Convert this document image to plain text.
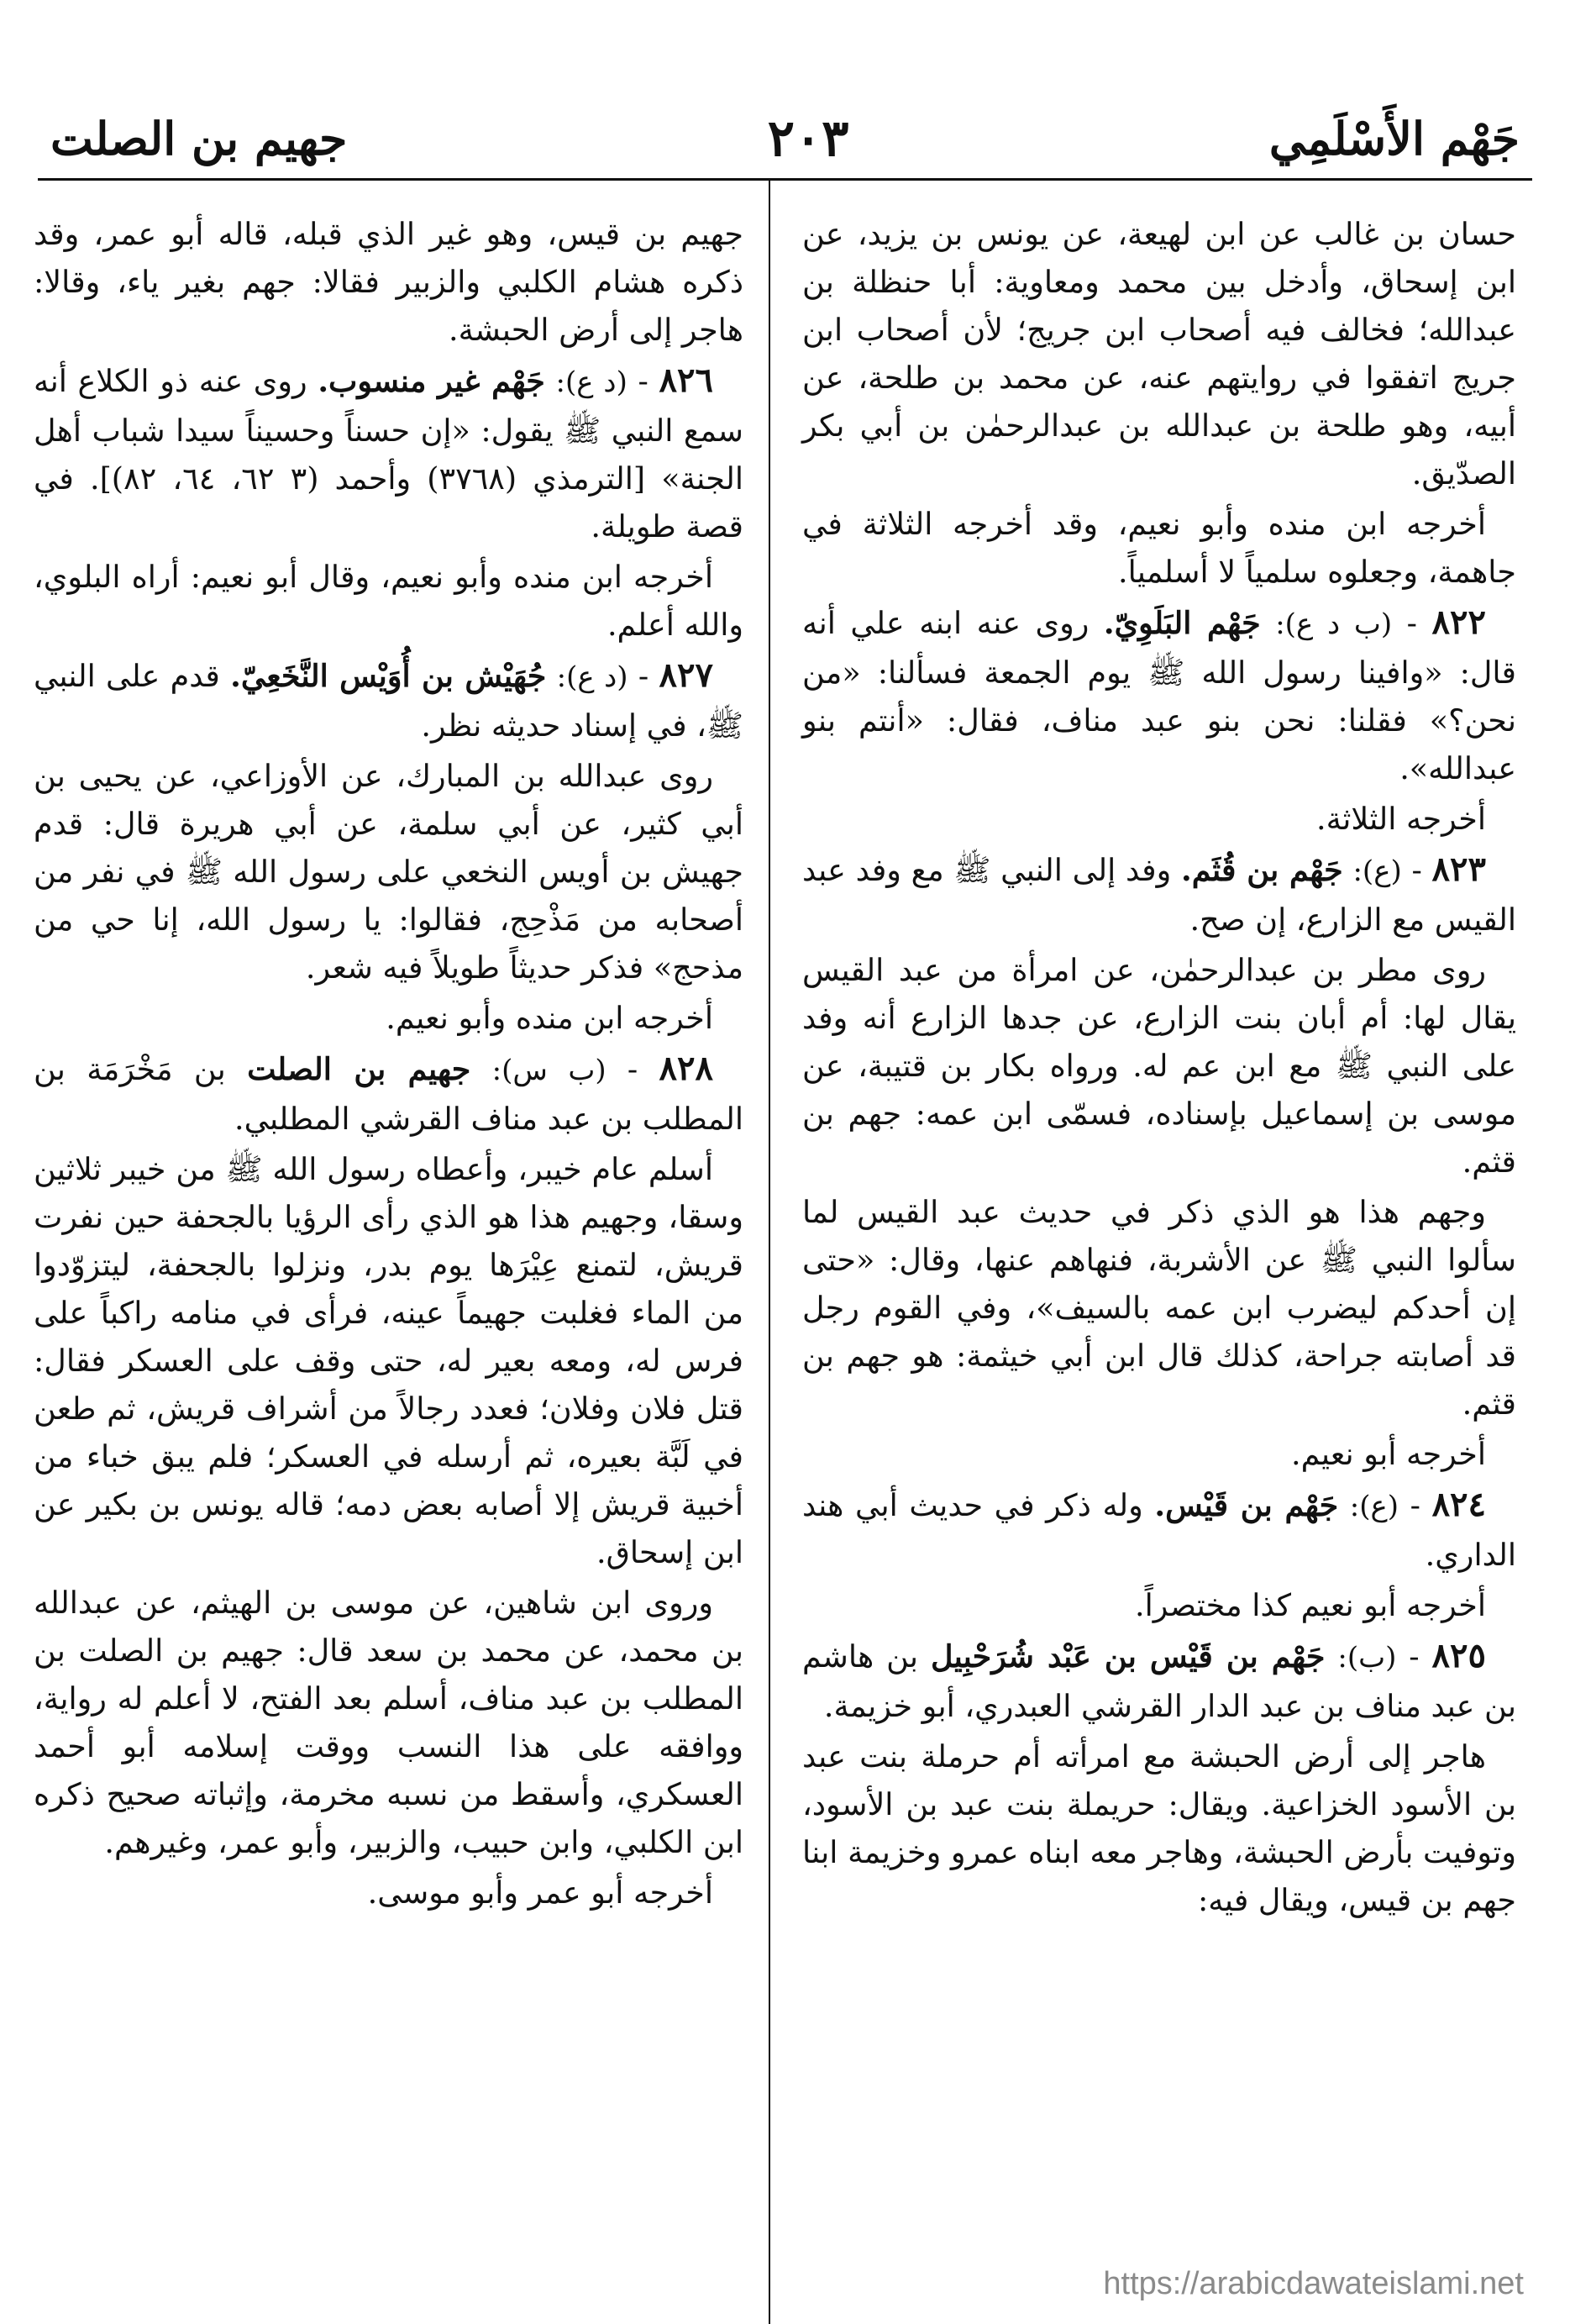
جَهْم الأَسْلَمِي
٢٠٣
جهيم بن الصلت

حسان بن غالب عن ابن لهيعة، عن يونس بن يزيد، عن ابن إسحاق، وأدخل بين محمد ومعاوية: أبا حنظلة بن عبدالله؛ فخالف فيه أصحاب ابن جريج؛ لأن أصحاب ابن جريج اتفقوا في روايتهم عنه، عن محمد بن طلحة، عن أبيه، وهو طلحة بن عبدالله بن عبدالرحمٰن بن أبي بكر الصدّيق.

أخرجه ابن منده وأبو نعيم، وقد أخرجه الثلاثة في جاهمة، وجعلوه سلمياً لا أسلمياً.

٨٢٢ - (ب د ع): جَهْم البَلَوِيّ. روى عنه ابنه علي أنه قال: «وافينا رسول الله ﷺ يوم الجمعة فسألنا: «من نحن؟» فقلنا: نحن بنو عبد مناف، فقال: «أنتم بنو عبدالله».

أخرجه الثلاثة.

٨٢٣ - (ع): جَهْم بن قُثَم. وفد إلى النبي ﷺ مع وفد عبد القيس مع الزارع، إن صح.

روى مطر بن عبدالرحمٰن، عن امرأة من عبد القيس يقال لها: أم أبان بنت الزارع، عن جدها الزارع أنه وفد على النبي ﷺ مع ابن عم له. ورواه بكار بن قتيبة، عن موسى بن إسماعيل بإسناده، فسمّى ابن عمه: جهم بن قثم.

وجهم هذا هو الذي ذكر في حديث عبد القيس لما سألوا النبي ﷺ عن الأشربة، فنهاهم عنها، وقال: «حتى إن أحدكم ليضرب ابن عمه بالسيف»، وفي القوم رجل قد أصابته جراحة، كذلك قال ابن أبي خيثمة: هو جهم بن قثم.

أخرجه أبو نعيم.

٨٢٤ - (ع): جَهْم بن قَيْس. وله ذكر في حديث أبي هند الداري.

أخرجه أبو نعيم كذا مختصراً.

٨٢٥ - (ب): جَهْم بن قَيْس بن عَبْد شُرَحْبِيل بن هاشم بن عبد مناف بن عبد الدار القرشي العبدري، أبو خزيمة.

هاجر إلى أرض الحبشة مع امرأته أم حرملة بنت عبد بن الأسود الخزاعية. ويقال: حريملة بنت عبد بن الأسود، وتوفيت بأرض الحبشة، وهاجر معه ابناه عمرو وخزيمة ابنا جهم بن قيس، ويقال فيه:

جهيم بن قيس، وهو غير الذي قبله، قاله أبو عمر، وقد ذكره هشام الكلبي والزبير فقالا: جهم بغير ياء، وقالا: هاجر إلى أرض الحبشة.

٨٢٦ - (د ع): جَهْم غير منسوب. روى عنه ذو الكلاع أنه سمع النبي ﷺ يقول: «إن حسناً وحسيناً سيدا شباب أهل الجنة» [الترمذي (٣٧٦٨) وأحمد (٣ ٦٢، ٦٤، ٨٢)]. في قصة طويلة.

أخرجه ابن منده وأبو نعيم، وقال أبو نعيم: أراه البلوي، والله أعلم.

٨٢٧ - (د ع): جُهَيْش بن أُوَيْس النَّخَعِيّ. قدم على النبي ﷺ، في إسناد حديثه نظر.

روى عبدالله بن المبارك، عن الأوزاعي، عن يحيى بن أبي كثير، عن أبي سلمة، عن أبي هريرة قال: قدم جهيش بن أويس النخعي على رسول الله ﷺ في نفر من أصحابه من مَذْحِج، فقالوا: يا رسول الله، إنا حي من مذحج» فذكر حديثاً طويلاً فيه شعر.

أخرجه ابن منده وأبو نعيم.

٨٢٨ - (ب س): جهيم بن الصلت بن مَخْرَمَة بن المطلب بن عبد مناف القرشي المطلبي.

أسلم عام خيبر، وأعطاه رسول الله ﷺ من خيبر ثلاثين وسقا، وجهيم هذا هو الذي رأى الرؤيا بالجحفة حين نفرت قريش، لتمنع عِيْرَها يوم بدر، ونزلوا بالجحفة، ليتزوّدوا من الماء فغلبت جهيماً عينه، فرأى في منامه راكباً على فرس له، ومعه بعير له، حتى وقف على العسكر فقال: قتل فلان وفلان؛ فعدد رجالاً من أشراف قريش، ثم طعن في لَبَّة بعيره، ثم أرسله في العسكر؛ فلم يبق خباء من أخبية قريش إلا أصابه بعض دمه؛ قاله يونس بن بكير عن ابن إسحاق.

وروى ابن شاهين، عن موسى بن الهيثم، عن عبدالله بن محمد، عن محمد بن سعد قال: جهيم بن الصلت بن المطلب بن عبد مناف، أسلم بعد الفتح، لا أعلم له رواية، ووافقه على هذا النسب ووقت إسلامه أبو أحمد العسكري، وأسقط من نسبه مخرمة، وإثباته صحيح ذكره ابن الكلبي، وابن حبيب، والزبير، وأبو عمر، وغيرهم.

أخرجه أبو عمر وأبو موسى.

https://arabicdawateislami.net
